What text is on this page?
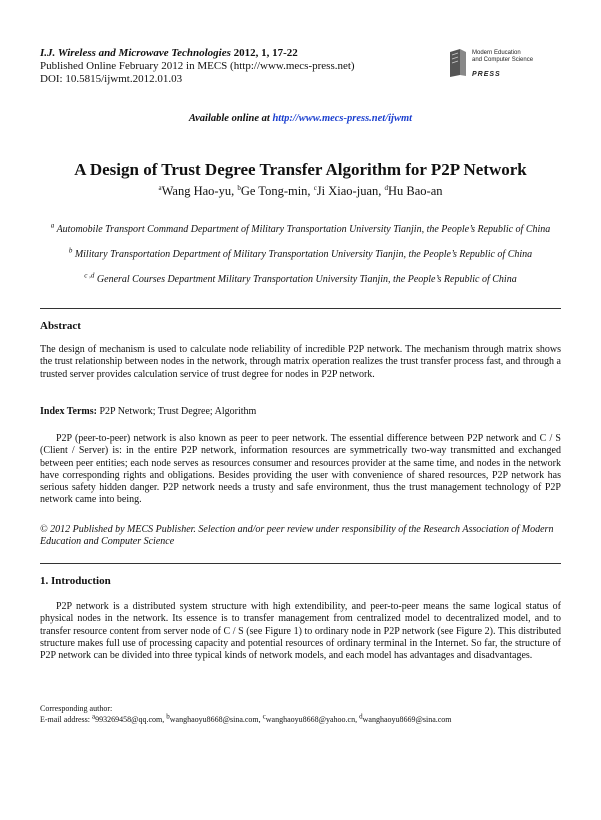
I.J. Wireless and Microwave Technologies 2012, 1, 17-22
Published Online February 2012 in MECS (http://www.mecs-press.net)
DOI: 10.5815/ijwmt.2012.01.03
Modern Education
and Computer Science
PRESS
Available online at http://www.mecs-press.net/ijwmt
A Design of Trust Degree Transfer Algorithm for P2P Network
$^a$Wang Hao-yu, $^b$Ge Tong-min, $^c$Ji Xiao-juan, $^d$Hu Bao-an
$^a$ Automobile Transport Command Department of Military Transportation University Tianjin, the People’s Republic of China
$^b$ Military Transportation Department of Military Transportation University Tianjin, the People’s Republic of China
$^{c ,d}$ General Courses Department Military Transportation University Tianjin, the People’s Republic of China
Abstract
The design of mechanism is used to calculate node reliability of incredible P2P network. The mechanism through matrix shows the trust relationship between nodes in the network, through matrix operation realizes the trust transfer process fast, and through a trusted server provides calculation service of trust degree for nodes in P2P network.
Index Terms: P2P Network; Trust Degree; Algorithm
P2P (peer-to-peer) network is also known as peer to peer network. The essential difference between P2P network and C / S (Client / Server) is: in the entire P2P network, information resources are symmetrically two-way transmitted and exchanged between peer entities; each node serves as resources consumer and resources provider at the same time, and nodes in the network have corresponding rights and obligations. Besides providing the user with convenience of shared resources, P2P network has serious safety hidden danger. P2P network needs a trusty and safe environment, thus the trust management technology of P2P network came into being.
© 2012 Published by MECS Publisher. Selection and/or peer review under responsibility of the Research Association of Modern Education and Computer Science
1. Introduction
P2P network is a distributed system structure with high extendibility, and peer-to-peer means the same logical status of physical nodes in the network. Its essence is to transfer management from centralized model to decentralized model, and to transfer resource content from server node of C / S (see Figure 1) to ordinary node in P2P network (see Figure 2). This distributed structure makes full use of processing capacity and potential resources of ordinary terminal in the Internet. So far, the structure of P2P network can be divided into three typical kinds of network models, and each model has advantages and disadvantages.
Corresponding author:
E-mail address: $^a$993269458@qq.com, $^b$wanghaoyu8668@sina.com, $^c$wanghaoyu8668@yahoo.cn, $^d$wanghaoyu8669@sina.com
